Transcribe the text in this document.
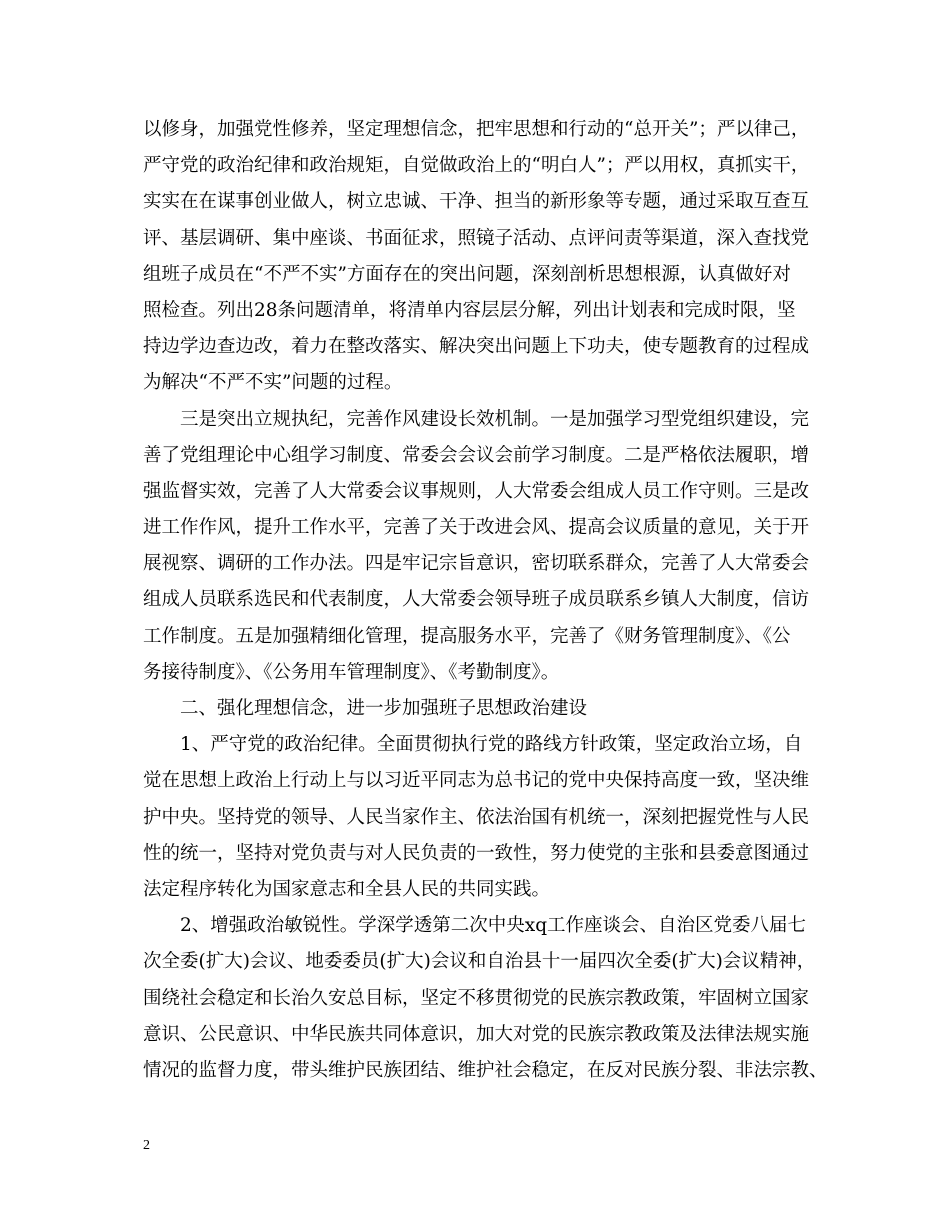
以修身，加强党性修养，坚定理想信念，把牢思想和行动的“总开关”；严以律己，
严守党的政治纪律和政治规矩，自觉做政治上的“明白人”；严以用权，真抓实干，
实实在在谋事创业做人，树立忠诚、干净、担当的新形象等专题，通过采取互查互
评、基层调研、集中座谈、书面征求，照镜子活动、点评问责等渠道，深入查找党
组班子成员在“不严不实”方面存在的突出问题，深刻剖析思想根源，认真做好对
照检查。列出28条问题清单，将清单内容层层分解，列出计划表和完成时限，坚
持边学边查边改，着力在整改落实、解决突出问题上下功夫，使专题教育的过程成
为解决“不严不实”问题的过程。
三是突出立规执纪，完善作风建设长效机制。一是加强学习型党组织建设，完
善了党组理论中心组学习制度、常委会会议会前学习制度。二是严格依法履职，增
强监督实效，完善了人大常委会议事规则，人大常委会组成人员工作守则。三是改
进工作作风，提升工作水平，完善了关于改进会风、提高会议质量的意见，关于开
展视察、调研的工作办法。四是牢记宗旨意识，密切联系群众，完善了人大常委会
组成人员联系选民和代表制度，人大常委会领导班子成员联系乡镇人大制度，信访
工作制度。五是加强精细化管理，提高服务水平，完善了《财务管理制度》、《公
务接待制度》、《公务用车管理制度》、《考勤制度》。
二、强化理想信念，进一步加强班子思想政治建设
1、严守党的政治纪律。全面贯彻执行党的路线方针政策，坚定政治立场，自
觉在思想上政治上行动上与以习近平同志为总书记的党中央保持高度一致，坚决维
护中央。坚持党的领导、人民当家作主、依法治国有机统一，深刻把握党性与人民
性的统一，坚持对党负责与对人民负责的一致性，努力使党的主张和县委意图通过
法定程序转化为国家意志和全县人民的共同实践。
2、增强政治敏锐性。学深学透第二次中央xq工作座谈会、自治区党委八届七
次全委(扩大)会议、地委委员(扩大)会议和自治县十一届四次全委(扩大)会议精神，
围绕社会稳定和长治久安总目标，坚定不移贯彻党的民族宗教政策，牢固树立国家
意识、公民意识、中华民族共同体意识，加大对党的民族宗教政策及法律法规实施
情况的监督力度，带头维护民族团结、维护社会稳定，在反对民族分裂、非法宗教、
2
